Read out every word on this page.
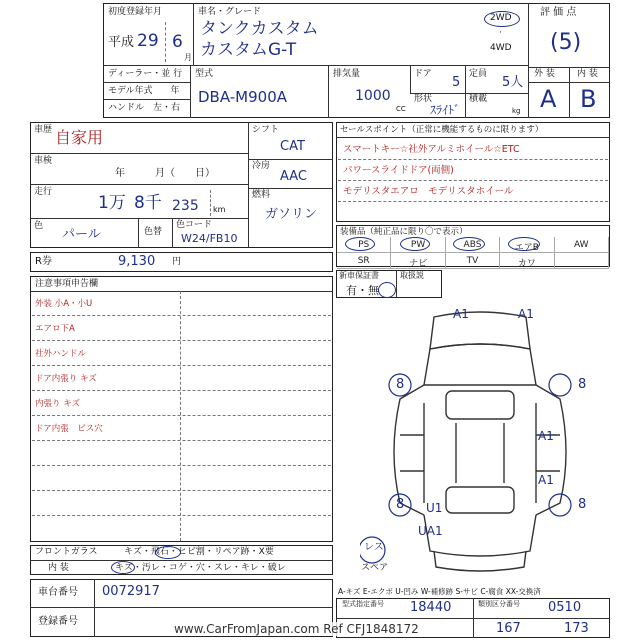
初度登録年月
平成 29 6
月
車名・グレード
タンクカスタム
カスタムG-T
2WD
·
4WD
評 価 点
(5)
ディーラー・並 行
モデル年式　　年
ハンドル　左・右
型式
DBA-M900A
排気量
1000
CC
ドア
5
形状
ｽﾗｲﾄﾞ
定員
5人
積載
kg
外 装 内 装
A B
車歴 自家用
車検
年　　　月（　　日）
走行
1万 8千 235 km
色
パール	色替
色コード
W24/FB10
シフト
CAT
冷房
AAC
燃料
ガソリン
R券	9,130 円
セールスポイント（正常に機能するものに限ります）
スマートキー☆社外アルミホイール☆ETC
パワースライドドア(両側)
モデリスタエアロ　モデリスタホイール
装備品（純正品に限り〇で表示）
PS	PW	ABS	エアB	AW
SR	ナビ	TV	カワ
新車保証書	取扱説
有・無
注意事項申告欄
外装 小A・小U
エアロ下A
社外ハンドル
ドア内張り キズ
内張り キズ
ドア内張　ビス穴
フロントガラス	キズ・飛石・ヒビ割・リペア跡・X要
内 装	キズ・汚レ・コゲ・穴・スレ・キレ・破レ
車台番号 0072917
登録番号
A1	A1
8	8
A1
A1
8	8
U1
UA1
レス
スペア
A-キズ E-エクボ U-凹み W-補修跡 S-サビ C-腐食 XX-交換済
型式指定番号 18440	類別区分番号 0510
167	173
www.CarFromJapan.com Ref CFJ1848172
